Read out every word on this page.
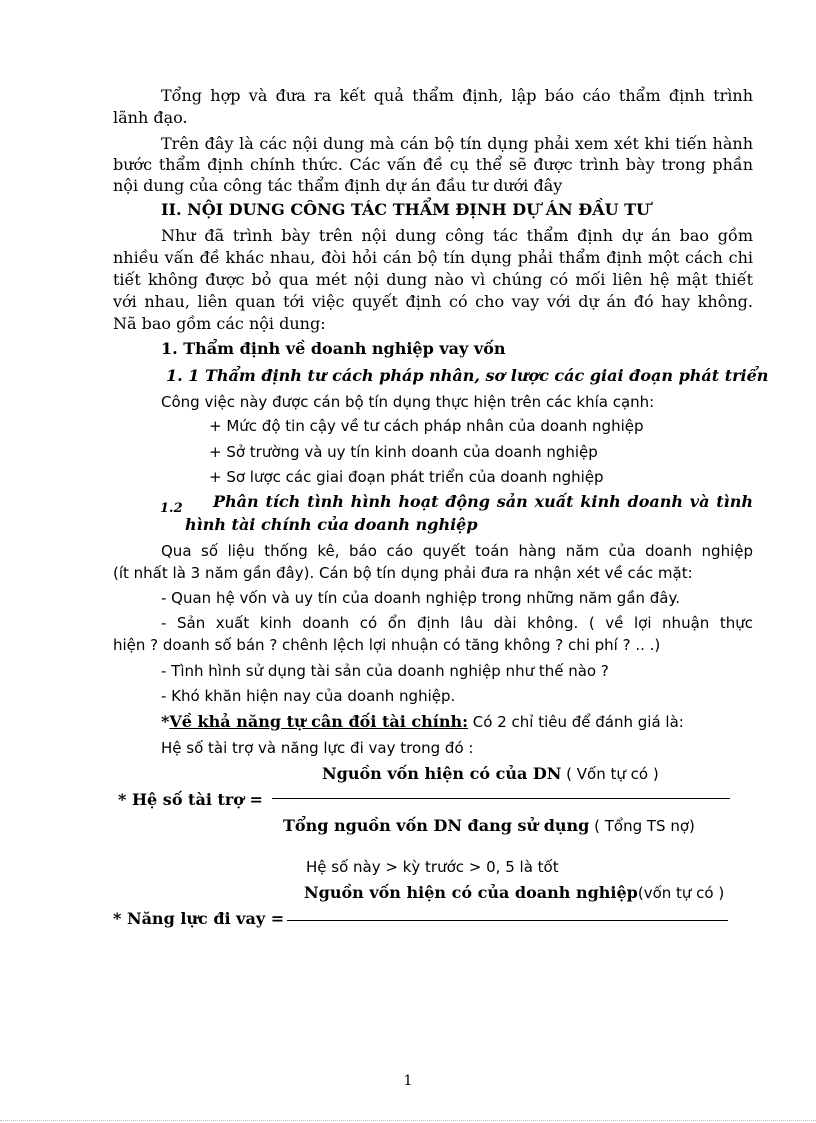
Tổng hợp và đưa ra kết quả thẩm định, lập báo cáo thẩm định trình
lãnh đạo.
Trên đây là các nội dung mà cán bộ tín dụng phải xem xét khi tiến hành
bước thẩm định chính thức. Các vấn đề cụ thể sẽ được trình bày trong phần
nội dung của công tác thẩm định dự án đầu tư dưới đây
II. NỘI DUNG CÔNG TÁC THẨM ĐỊNH DỰ ÁN ĐẦU TƯ
Như đã trình bày trên nội dung công tác thẩm định dự án bao gồm
nhiều vấn đề khác nhau, đòi hỏi cán bộ tín dụng phải thẩm định một cách chi
tiết không được bỏ qua mét nội dung nào vì chúng có mối liên hệ mật thiết
với nhau, liên quan tới việc quyết định có cho vay với dự án đó hay không.
Nã bao gồm các nội dung:
1. Thẩm định về doanh nghiệp vay vốn
1. 1 Thẩm định tư cách pháp nhân, sơ lược các giai đoạn phát triển
Công việc này được cán bộ tín dụng thực hiện trên các khía cạnh:
+ Mức độ tin cậy về tư cách pháp nhân của doanh nghiệp
+ Sở trường và uy tín kinh doanh của doanh nghiệp
+ Sơ lược các giai đoạn phát triển của doanh nghiệp
1.2 Phân tích tình hình hoạt động sản xuất kinh doanh và tình
hình tài chính của doanh nghiệp
Qua số liệu thống kê, báo cáo quyết toán hàng năm của doanh nghiệp
(ít nhất là 3 năm gần đây). Cán bộ tín dụng phải đưa ra nhận xét về các mặt:
- Quan hệ vốn và uy tín của doanh nghiệp trong những năm gần đây.
- Sản xuất kinh doanh có ổn định lâu dài không. ( về lợi nhuận thực
hiện ? doanh số bán ? chênh lệch lợi nhuận có tăng không ? chi phí ? .. .)
- Tình hình sử dụng tài sản của doanh nghiệp như thế nào ?
- Khó khăn hiện nay của doanh nghiệp.
*Về khả năng tự cân đối tài chính: Có 2 chỉ tiêu để đánh giá là:
Hệ số tài trợ và năng lực đi vay trong đó :
Nguồn vốn hiện có của DN ( Vốn tự có )
* Hệ số tài trợ =
Tổng nguồn vốn DN đang sử dụng ( Tổng TS nợ)
Hệ số này > kỳ trước > 0, 5 là tốt
Nguồn vốn hiện có của doanh nghiệp(vốn tự có )
* Năng lực đi vay =
1
